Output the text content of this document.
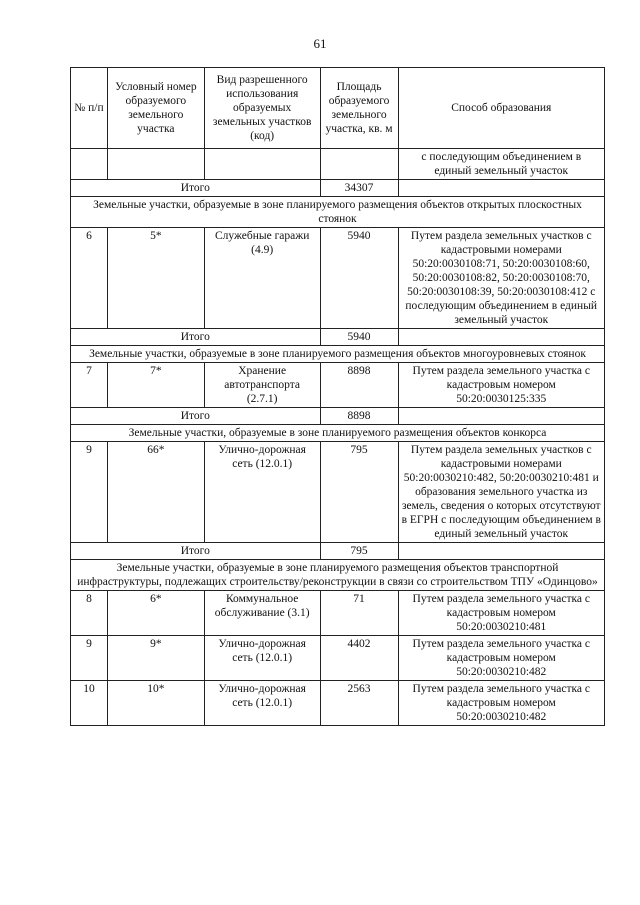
61
№ п/п	Условный номер образуемого земельного участка	Вид разрешенного использования образуемых земельных участков (код)	Площадь образуемого земельного участка, кв. м	Способ образования
				с последующим объединением в единый земельный участок
Итого			34307	
Земельные участки, образуемые в зоне планируемого размещения объектов открытых плоскостных стоянок				
6	5*	Служебные гаражи (4.9)	5940	Путем раздела земельных участков с кадастровыми номерами 50:20:0030108:71, 50:20:0030108:60, 50:20:0030108:82, 50:20:0030108:70, 50:20:0030108:39, 50:20:0030108:412 с последующим объединением в единый земельный участок
Итого			5940	
Земельные участки, образуемые в зоне планируемого размещения объектов многоуровневых стоянок				
7	7*	Хранение автотранспорта (2.7.1)	8898	Путем раздела земельного участка с кадастровым номером 50:20:0030125:335
Итого			8898	
Земельные участки, образуемые в зоне планируемого размещения объектов конкорса				
9	66*	Улично-дорожная сеть (12.0.1)	795	Путем раздела земельных участков с кадастровыми номерами 50:20:0030210:482, 50:20:0030210:481 и образования земельного участка из земель, сведения о которых отсутствуют в ЕГРН с последующим объединением в единый земельный участок
Итого			795	
Земельные участки, образуемые в зоне планируемого размещения объектов транспортной инфраструктуры, подлежащих строительству/реконструкции в связи со строительством ТПУ «Одинцово»				
8	6*	Коммунальное обслуживание (3.1)	71	Путем раздела земельного участка с кадастровым номером 50:20:0030210:481
9	9*	Улично-дорожная сеть (12.0.1)	4402	Путем раздела земельного участка с кадастровым номером 50:20:0030210:482
10	10*	Улично-дорожная сеть (12.0.1)	2563	Путем раздела земельного участка с кадастровым номером 50:20:0030210:482
